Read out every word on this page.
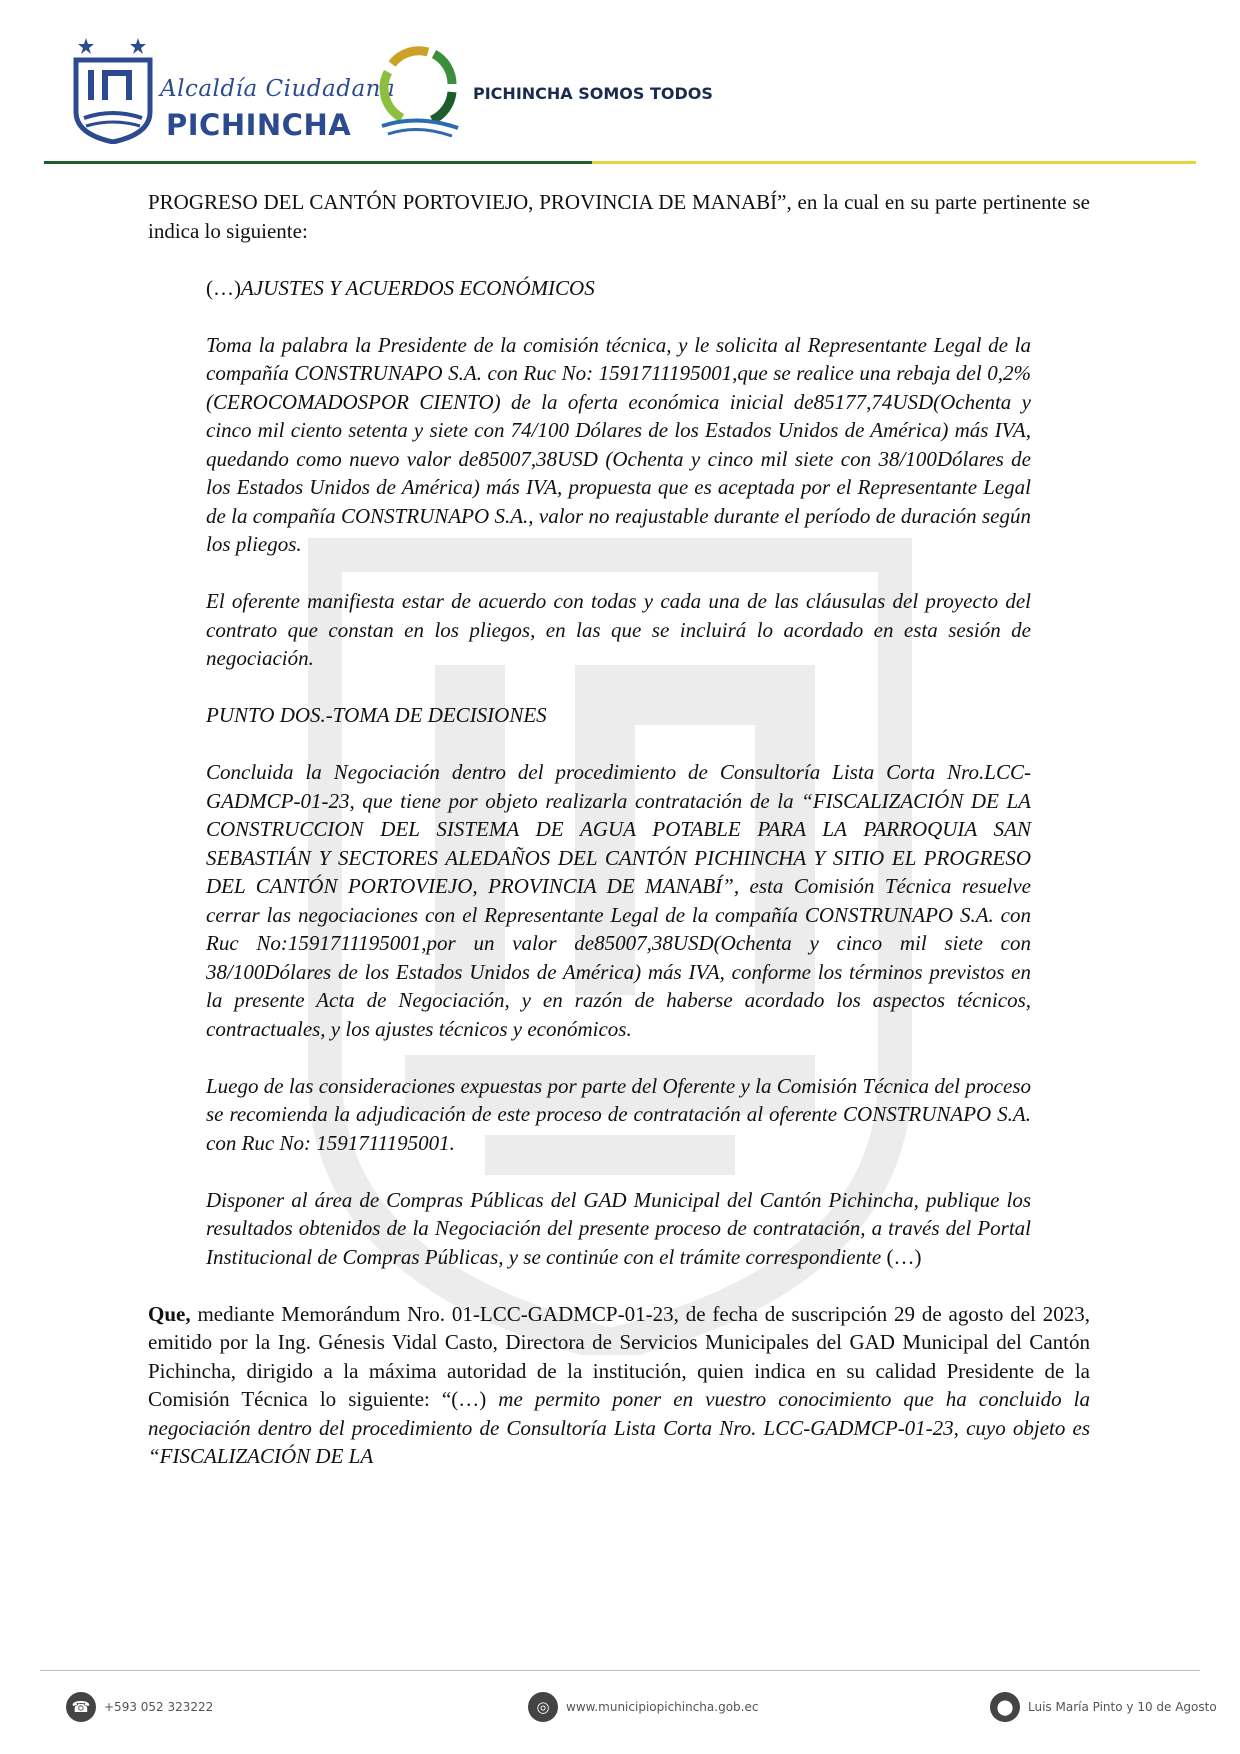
Alcaldía Ciudadana
PICHINCHA
PICHINCHA SOMOS TODOS

PROGRESO DEL CANTÓN PORTOVIEJO, PROVINCIA DE MANABÍ”, en la cual en su parte pertinente se indica lo siguiente:

(…)AJUSTES Y ACUERDOS ECONÓMICOS

Toma la palabra la Presidente de la comisión técnica, y le solicita al Representante Legal de la compañía CONSTRUNAPO S.A. con Ruc No: 1591711195001,que se realice una rebaja del 0,2% (CEROCOMADOSPOR CIENTO) de la oferta económica inicial de85177,74USD(Ochenta y cinco mil ciento setenta y siete con 74/100 Dólares de los Estados Unidos de América) más IVA, quedando como nuevo valor de85007,38USD (Ochenta y cinco mil siete con 38/100Dólares de los Estados Unidos de América) más IVA, propuesta que es aceptada por el Representante Legal de la compañía CONSTRUNAPO S.A., valor no reajustable durante el período de duración según los pliegos.

El oferente manifiesta estar de acuerdo con todas y cada una de las cláusulas del proyecto del contrato que constan en los pliegos, en las que se incluirá lo acordado en esta sesión de negociación.

PUNTO DOS.-TOMA DE DECISIONES

Concluida la Negociación dentro del procedimiento de Consultoría Lista Corta Nro.LCC-GADMCP-01-23, que tiene por objeto realizarla contratación de la “FISCALIZACIÓN DE LA CONSTRUCCION DEL SISTEMA DE AGUA POTABLE PARA LA PARROQUIA SAN SEBASTIÁN Y SECTORES ALEDAÑOS DEL CANTÓN PICHINCHA Y SITIO EL PROGRESO DEL CANTÓN PORTOVIEJO, PROVINCIA DE MANABÍ”, esta Comisión Técnica resuelve cerrar las negociaciones con el Representante Legal de la compañía CONSTRUNAPO S.A. con Ruc No:1591711195001,por un valor de85007,38USD(Ochenta y cinco mil siete con 38/100Dólares de los Estados Unidos de América) más IVA, conforme los términos previstos en la presente Acta de Negociación, y en razón de haberse acordado los aspectos técnicos, contractuales, y los ajustes técnicos y económicos.

Luego de las consideraciones expuestas por parte del Oferente y la Comisión Técnica del proceso se recomienda la adjudicación de este proceso de contratación al oferente CONSTRUNAPO S.A. con Ruc No: 1591711195001.

Disponer al área de Compras Públicas del GAD Municipal del Cantón Pichincha, publique los resultados obtenidos de la Negociación del presente proceso de contratación, a través del Portal Institucional de Compras Públicas, y se continúe con el trámite correspondiente (…)

Que, mediante Memorándum Nro. 01-LCC-GADMCP-01-23, de fecha de suscripción 29 de agosto del 2023, emitido por la Ing. Génesis Vidal Casto, Directora de Servicios Municipales del GAD Municipal del Cantón Pichincha, dirigido a la máxima autoridad de la institución, quien indica en su calidad Presidente de la Comisión Técnica lo siguiente: “(…) me permito poner en vuestro conocimiento que ha concluido la negociación dentro del procedimiento de Consultoría Lista Corta Nro. LCC-GADMCP-01-23, cuyo objeto es “FISCALIZACIÓN DE LA

☎	+593 052 323222	◎	www.municipiopichincha.gob.ec	⬤	Luis María Pinto y 10 de Agosto
